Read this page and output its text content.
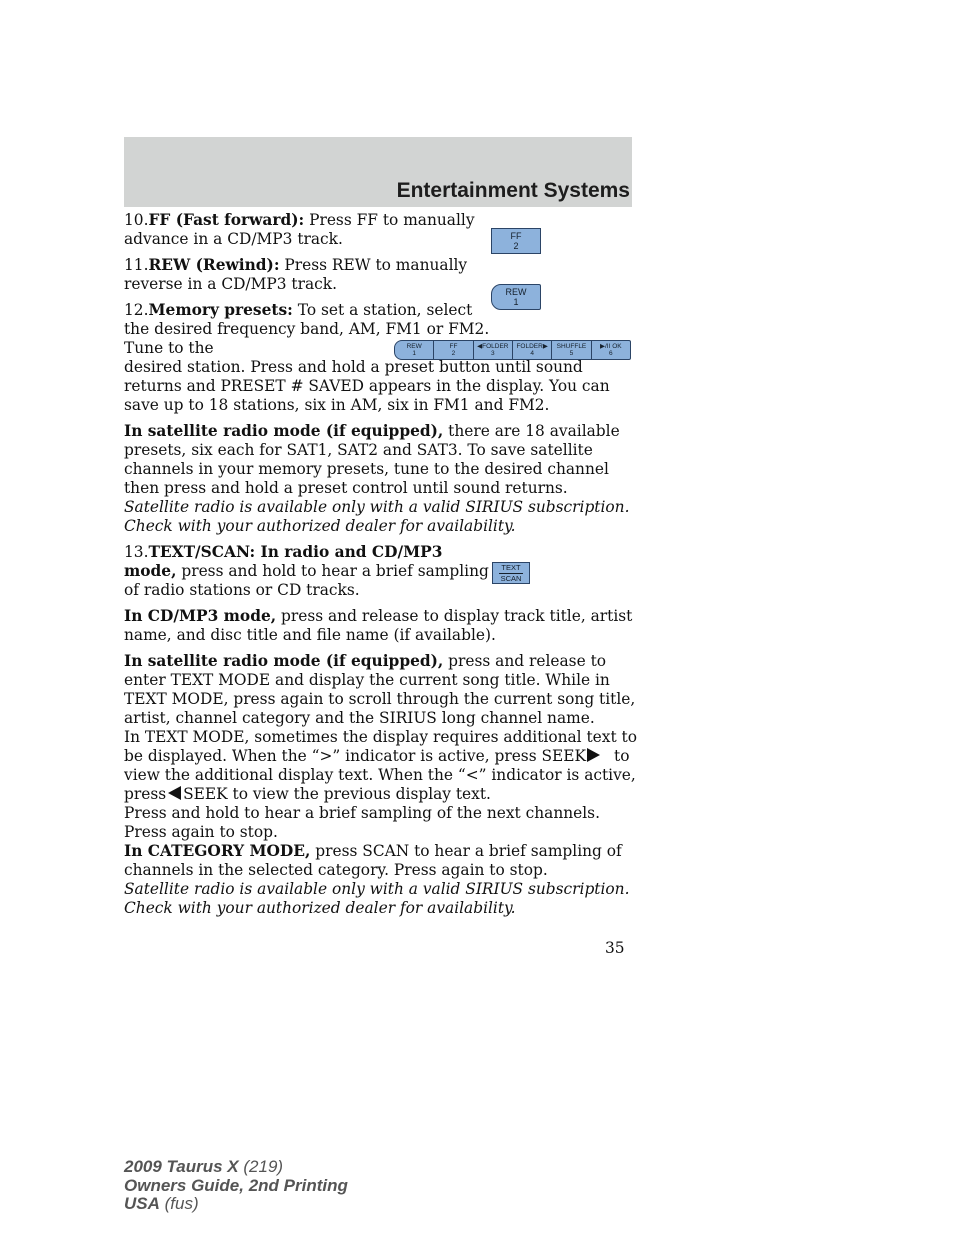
Entertainment Systems
FF
2
REW
1
REW
1
FF
2
◀FOLDER
3
FOLDER▶
4
SHUFFLE
5
▶/II OK
6
TEXT
SCAN

10.FF (Fast forward): Press FF to manually advance in a CD/MP3 track.

11.REW (Rewind): Press REW to manually reverse in a CD/MP3 track.

12.Memory presets: To set a station, select the desired frequency band, AM, FM1 or FM2. Tune to the
desired station. Press and hold a preset button until sound returns and PRESET # SAVED appears in the display. You can save up to 18 stations, six in AM, six in FM1 and FM2.

In satellite radio mode (if equipped), there are 18 available presets, six each for SAT1, SAT2 and SAT3. To save satellite channels in your memory presets, tune to the desired channel then press and hold a preset control until sound returns.

Satellite radio is available only with a valid SIRIUS subscription. Check with your authorized dealer for availability.

13.TEXT/SCAN: In radio and CD/MP3 mode, press and hold to hear a brief sampling of radio stations or CD tracks.

In CD/MP3 mode, press and release to display track title, artist name, and disc title and file name (if available).

In satellite radio mode (if equipped), press and release to enter TEXT MODE and display the current song title. While in TEXT MODE, press again to scroll through the current song title, artist, channel category and the SIRIUS long channel name.

In TEXT MODE, sometimes the display requires additional text to be displayed. When the “>” indicator is active, press SEEK to view the additional display text. When the “<” indicator is active, press SEEK to view the previous display text.

Press and hold to hear a brief sampling of the next channels. Press again to stop.

In CATEGORY MODE, press SCAN to hear a brief sampling of channels in the selected category. Press again to stop.

Satellite radio is available only with a valid SIRIUS subscription. Check with your authorized dealer for availability.

35
2009 Taurus X (219)
Owners Guide, 2nd Printing
USA (fus)
